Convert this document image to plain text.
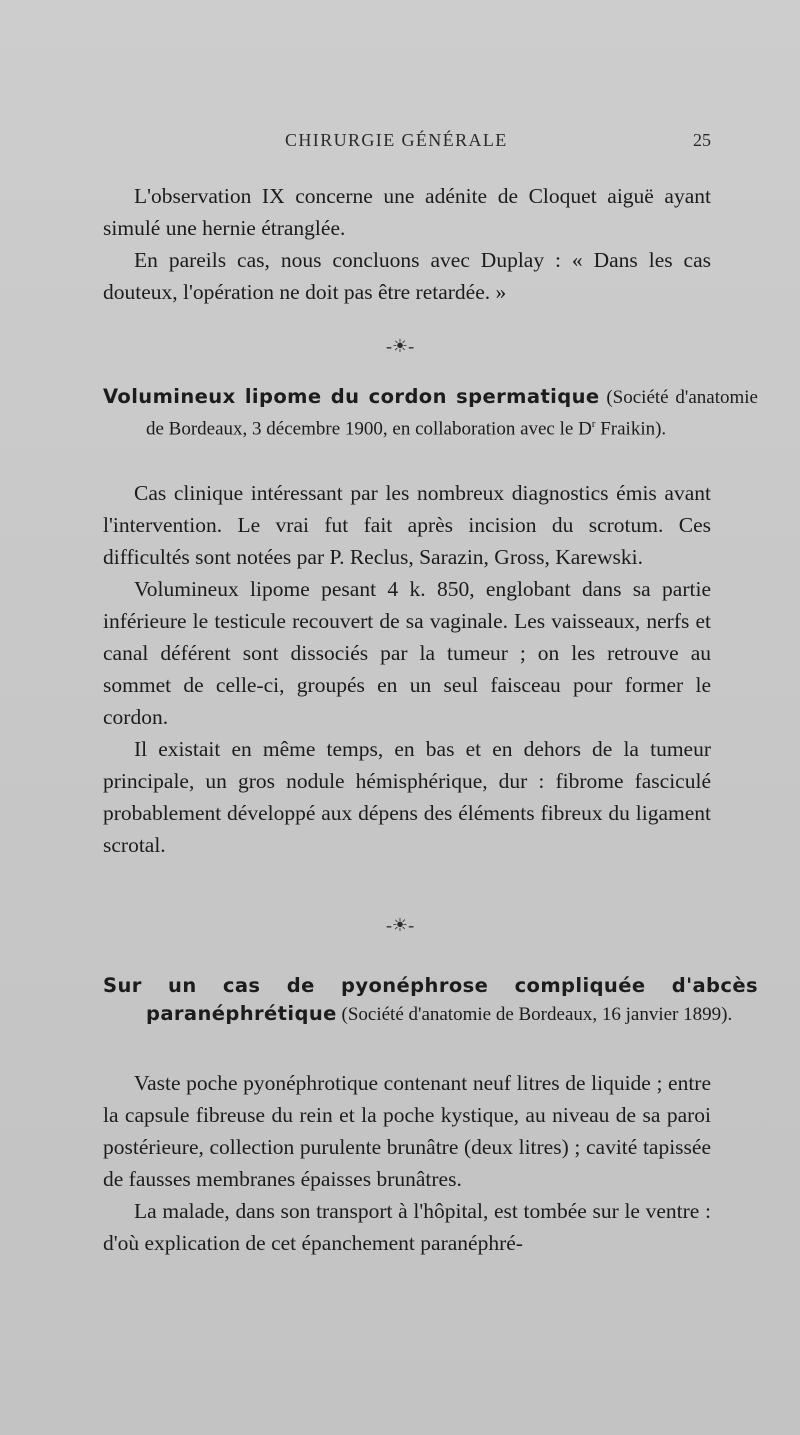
CHIRURGIE GÉNÉRALE	25
L'observation IX concerne une adénite de Cloquet aiguë ayant simulé une hernie étranglée.
En pareils cas, nous concluons avec Duplay : « Dans les cas douteux, l'opération ne doit pas être retardée. »
-☀-
Volumineux lipome du cordon spermatique (Société d'anatomie de Bordeaux, 3 décembre 1900, en collaboration avec le $D^r$ Fraikin).
Cas clinique intéressant par les nombreux diagnostics émis avant l'intervention. Le vrai fut fait après incision du scrotum. Ces difficultés sont notées par P. Reclus, Sarazin, Gross, Karewski.
Volumineux lipome pesant 4 k. 850, englobant dans sa partie inférieure le testicule recouvert de sa vaginale. Les vaisseaux, nerfs et canal déférent sont dissociés par la tumeur ; on les retrouve au sommet de celle-ci, groupés en un seul faisceau pour former le cordon.
Il existait en même temps, en bas et en dehors de la tumeur principale, un gros nodule hémisphérique, dur : fibrome fasciculé probablement développé aux dépens des éléments fibreux du ligament scrotal.
-☀-
Sur un cas de pyonéphrose compliquée d'abcès paranéphrétique (Société d'anatomie de Bordeaux, 16 janvier 1899).
Vaste poche pyonéphrotique contenant neuf litres de liquide ; entre la capsule fibreuse du rein et la poche kystique, au niveau de sa paroi postérieure, collection purulente brunâtre (deux litres) ; cavité tapissée de fausses membranes épaisses brunâtres.
La malade, dans son transport à l'hôpital, est tombée sur le ventre : d'où explication de cet épanchement paranéphré-
